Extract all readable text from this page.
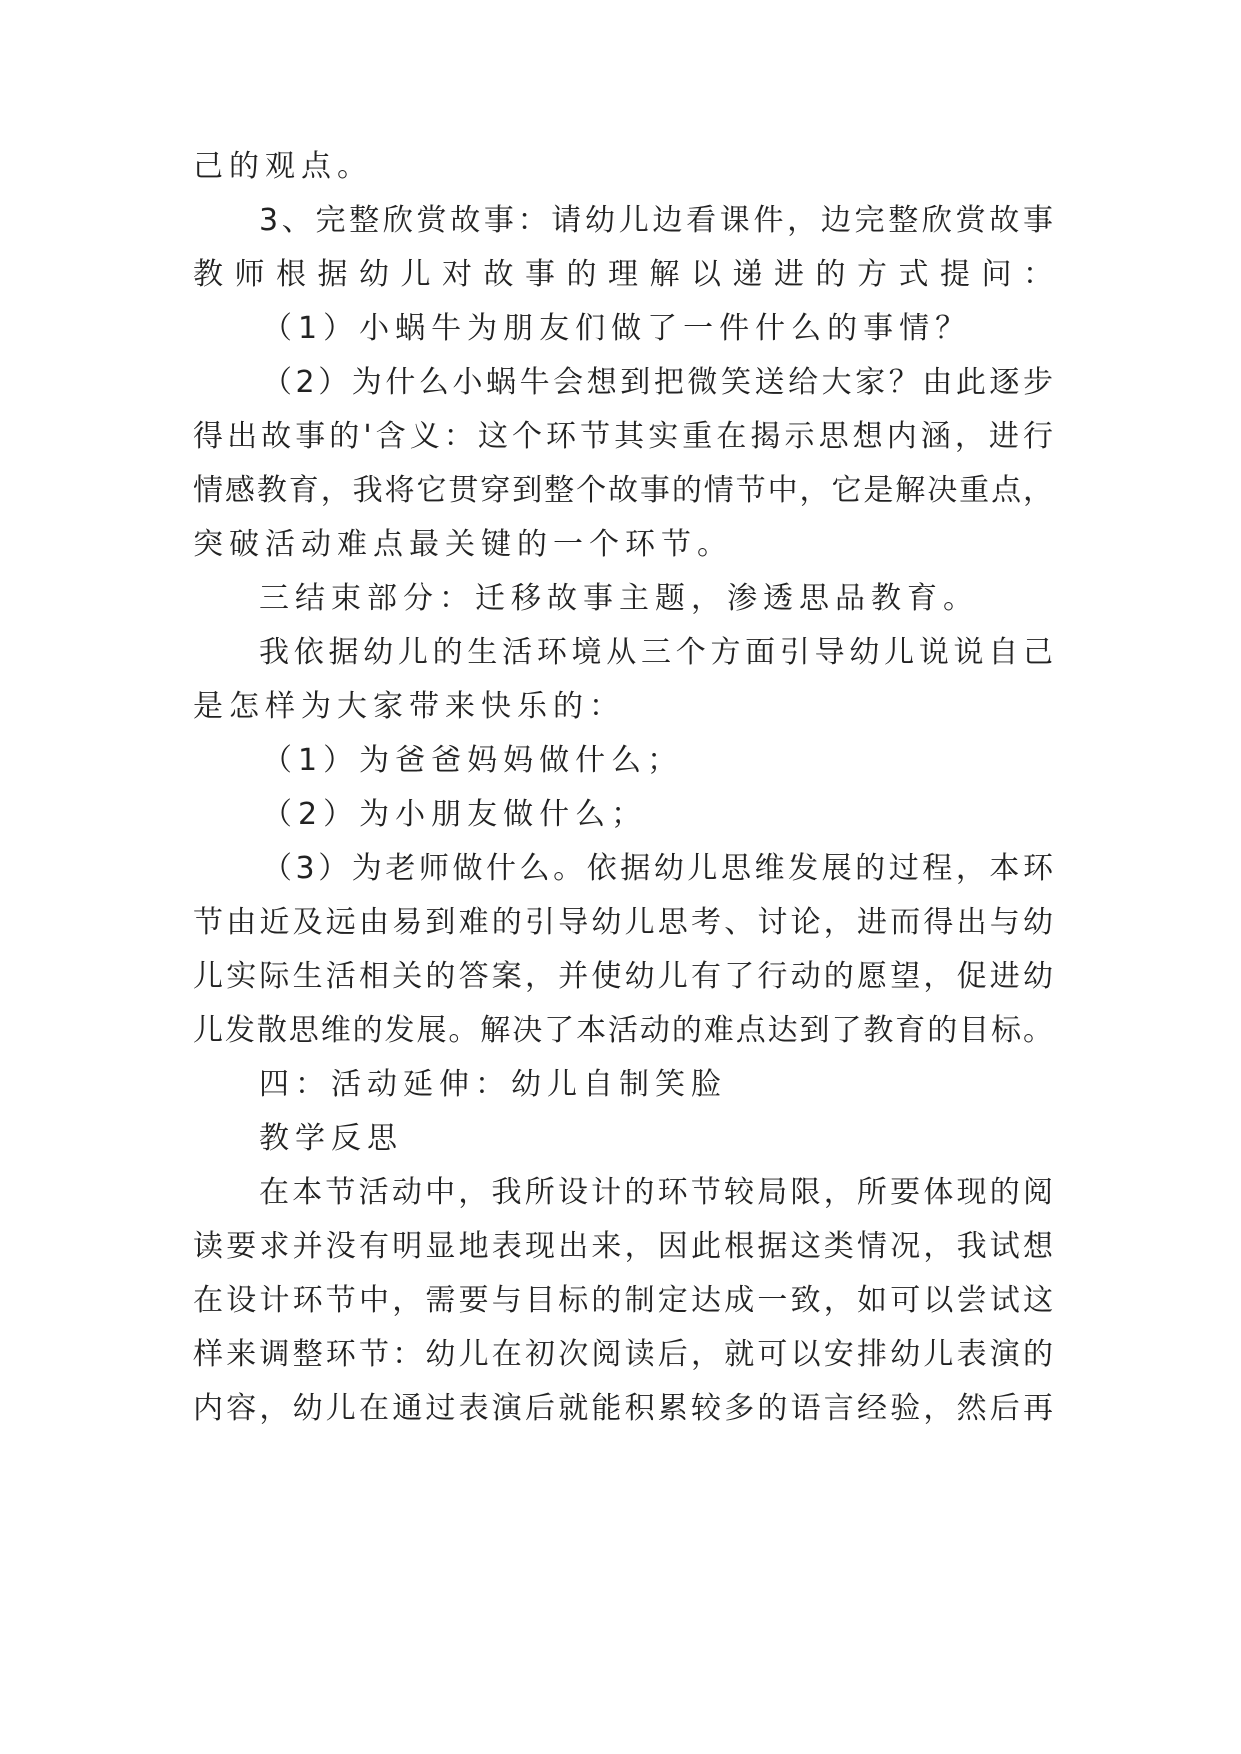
己的观点。
3、完整欣赏故事：请幼儿边看课件，边完整欣赏故事
教师根据幼儿对故事的理解以递进的方式提问：
（1）小蜗牛为朋友们做了一件什么的事情？
（2）为什么小蜗牛会想到把微笑送给大家？由此逐步
得出故事的'含义：这个环节其实重在揭示思想内涵，进行
情感教育，我将它贯穿到整个故事的情节中，它是解决重点，
突破活动难点最关键的一个环节。
三结束部分：迁移故事主题，渗透思品教育。
我依据幼儿的生活环境从三个方面引导幼儿说说自己
是怎样为大家带来快乐的：
（1）为爸爸妈妈做什么；
（2）为小朋友做什么；
（3）为老师做什么。依据幼儿思维发展的过程，本环
节由近及远由易到难的引导幼儿思考、讨论，进而得出与幼
儿实际生活相关的答案，并使幼儿有了行动的愿望，促进幼
儿发散思维的发展。解决了本活动的难点达到了教育的目标。
四：活动延伸：幼儿自制笑脸
教学反思
在本节活动中，我所设计的环节较局限，所要体现的阅
读要求并没有明显地表现出来，因此根据这类情况，我试想
在设计环节中，需要与目标的制定达成一致，如可以尝试这
样来调整环节：幼儿在初次阅读后，就可以安排幼儿表演的
内容，幼儿在通过表演后就能积累较多的语言经验，然后再
